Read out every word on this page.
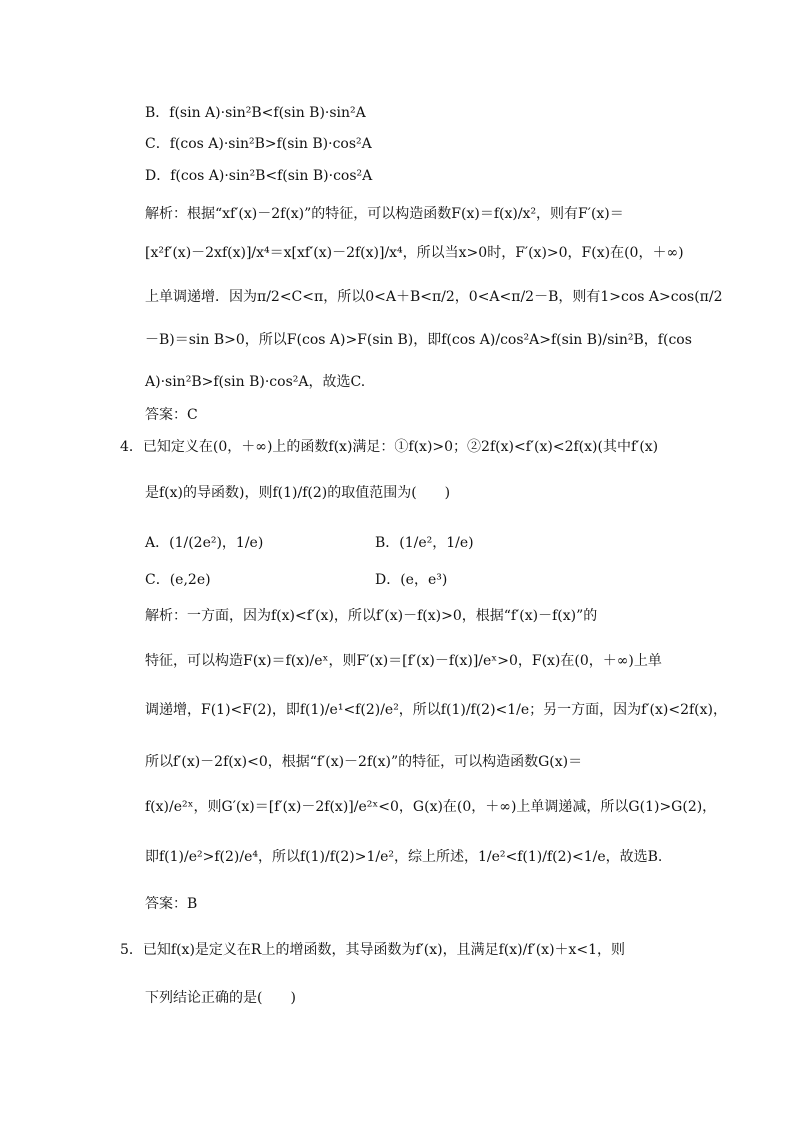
B．f(sin A)·sin²B<f(sin B)·sin²A
C．f(cos A)·sin²B>f(sin B)·cos²A
D．f(cos A)·sin²B<f(sin B)·cos²A
解析：根据“xf′(x)－2f(x)”的特征，可以构造函数F(x)＝f(x)/x²，则有F′(x)＝
[x²f′(x)－2xf(x)]/x⁴＝x[xf′(x)－2f(x)]/x⁴，所以当x>0时，F′(x)>0，F(x)在(0，＋∞)
上单调递增．因为π/2<C<π，所以0<A＋B<π/2，0<A<π/2－B，则有1>cos A>cos(π/2
－B)＝sin B>0，所以F(cos A)>F(sin B)，即f(cos A)/cos²A>f(sin B)/sin²B，f(cos
A)·sin²B>f(sin B)·cos²A，故选C.
答案：C
4．已知定义在(0，＋∞)上的函数f(x)满足：①f(x)>0；②2f(x)<f′(x)<2f(x)(其中f′(x)
是f(x)的导函数)，则f(1)/f(2)的取值范围为(　　)
A．(1/(2e²)，1/e)	B．(1/e²，1/e)
C．(e,2e)	D．(e，e³)
解析：一方面，因为f(x)<f′(x)，所以f′(x)－f(x)>0，根据“f′(x)－f(x)”的
特征，可以构造F(x)＝f(x)/eˣ，则F′(x)＝[f′(x)－f(x)]/eˣ>0，F(x)在(0，＋∞)上单
调递增，F(1)<F(2)，即f(1)/e¹<f(2)/e²，所以f(1)/f(2)<1/e；另一方面，因为f′(x)<2f(x)，
所以f′(x)－2f(x)<0，根据“f′(x)－2f(x)”的特征，可以构造函数G(x)＝
f(x)/e²ˣ，则G′(x)＝[f′(x)－2f(x)]/e²ˣ<0，G(x)在(0，＋∞)上单调递减，所以G(1)>G(2)，
即f(1)/e²>f(2)/e⁴，所以f(1)/f(2)>1/e²，综上所述，1/e²<f(1)/f(2)<1/e，故选B.
答案：B
5．已知f(x)是定义在R上的增函数，其导函数为f′(x)，且满足f(x)/f′(x)＋x<1，则
下列结论正确的是(　　)
